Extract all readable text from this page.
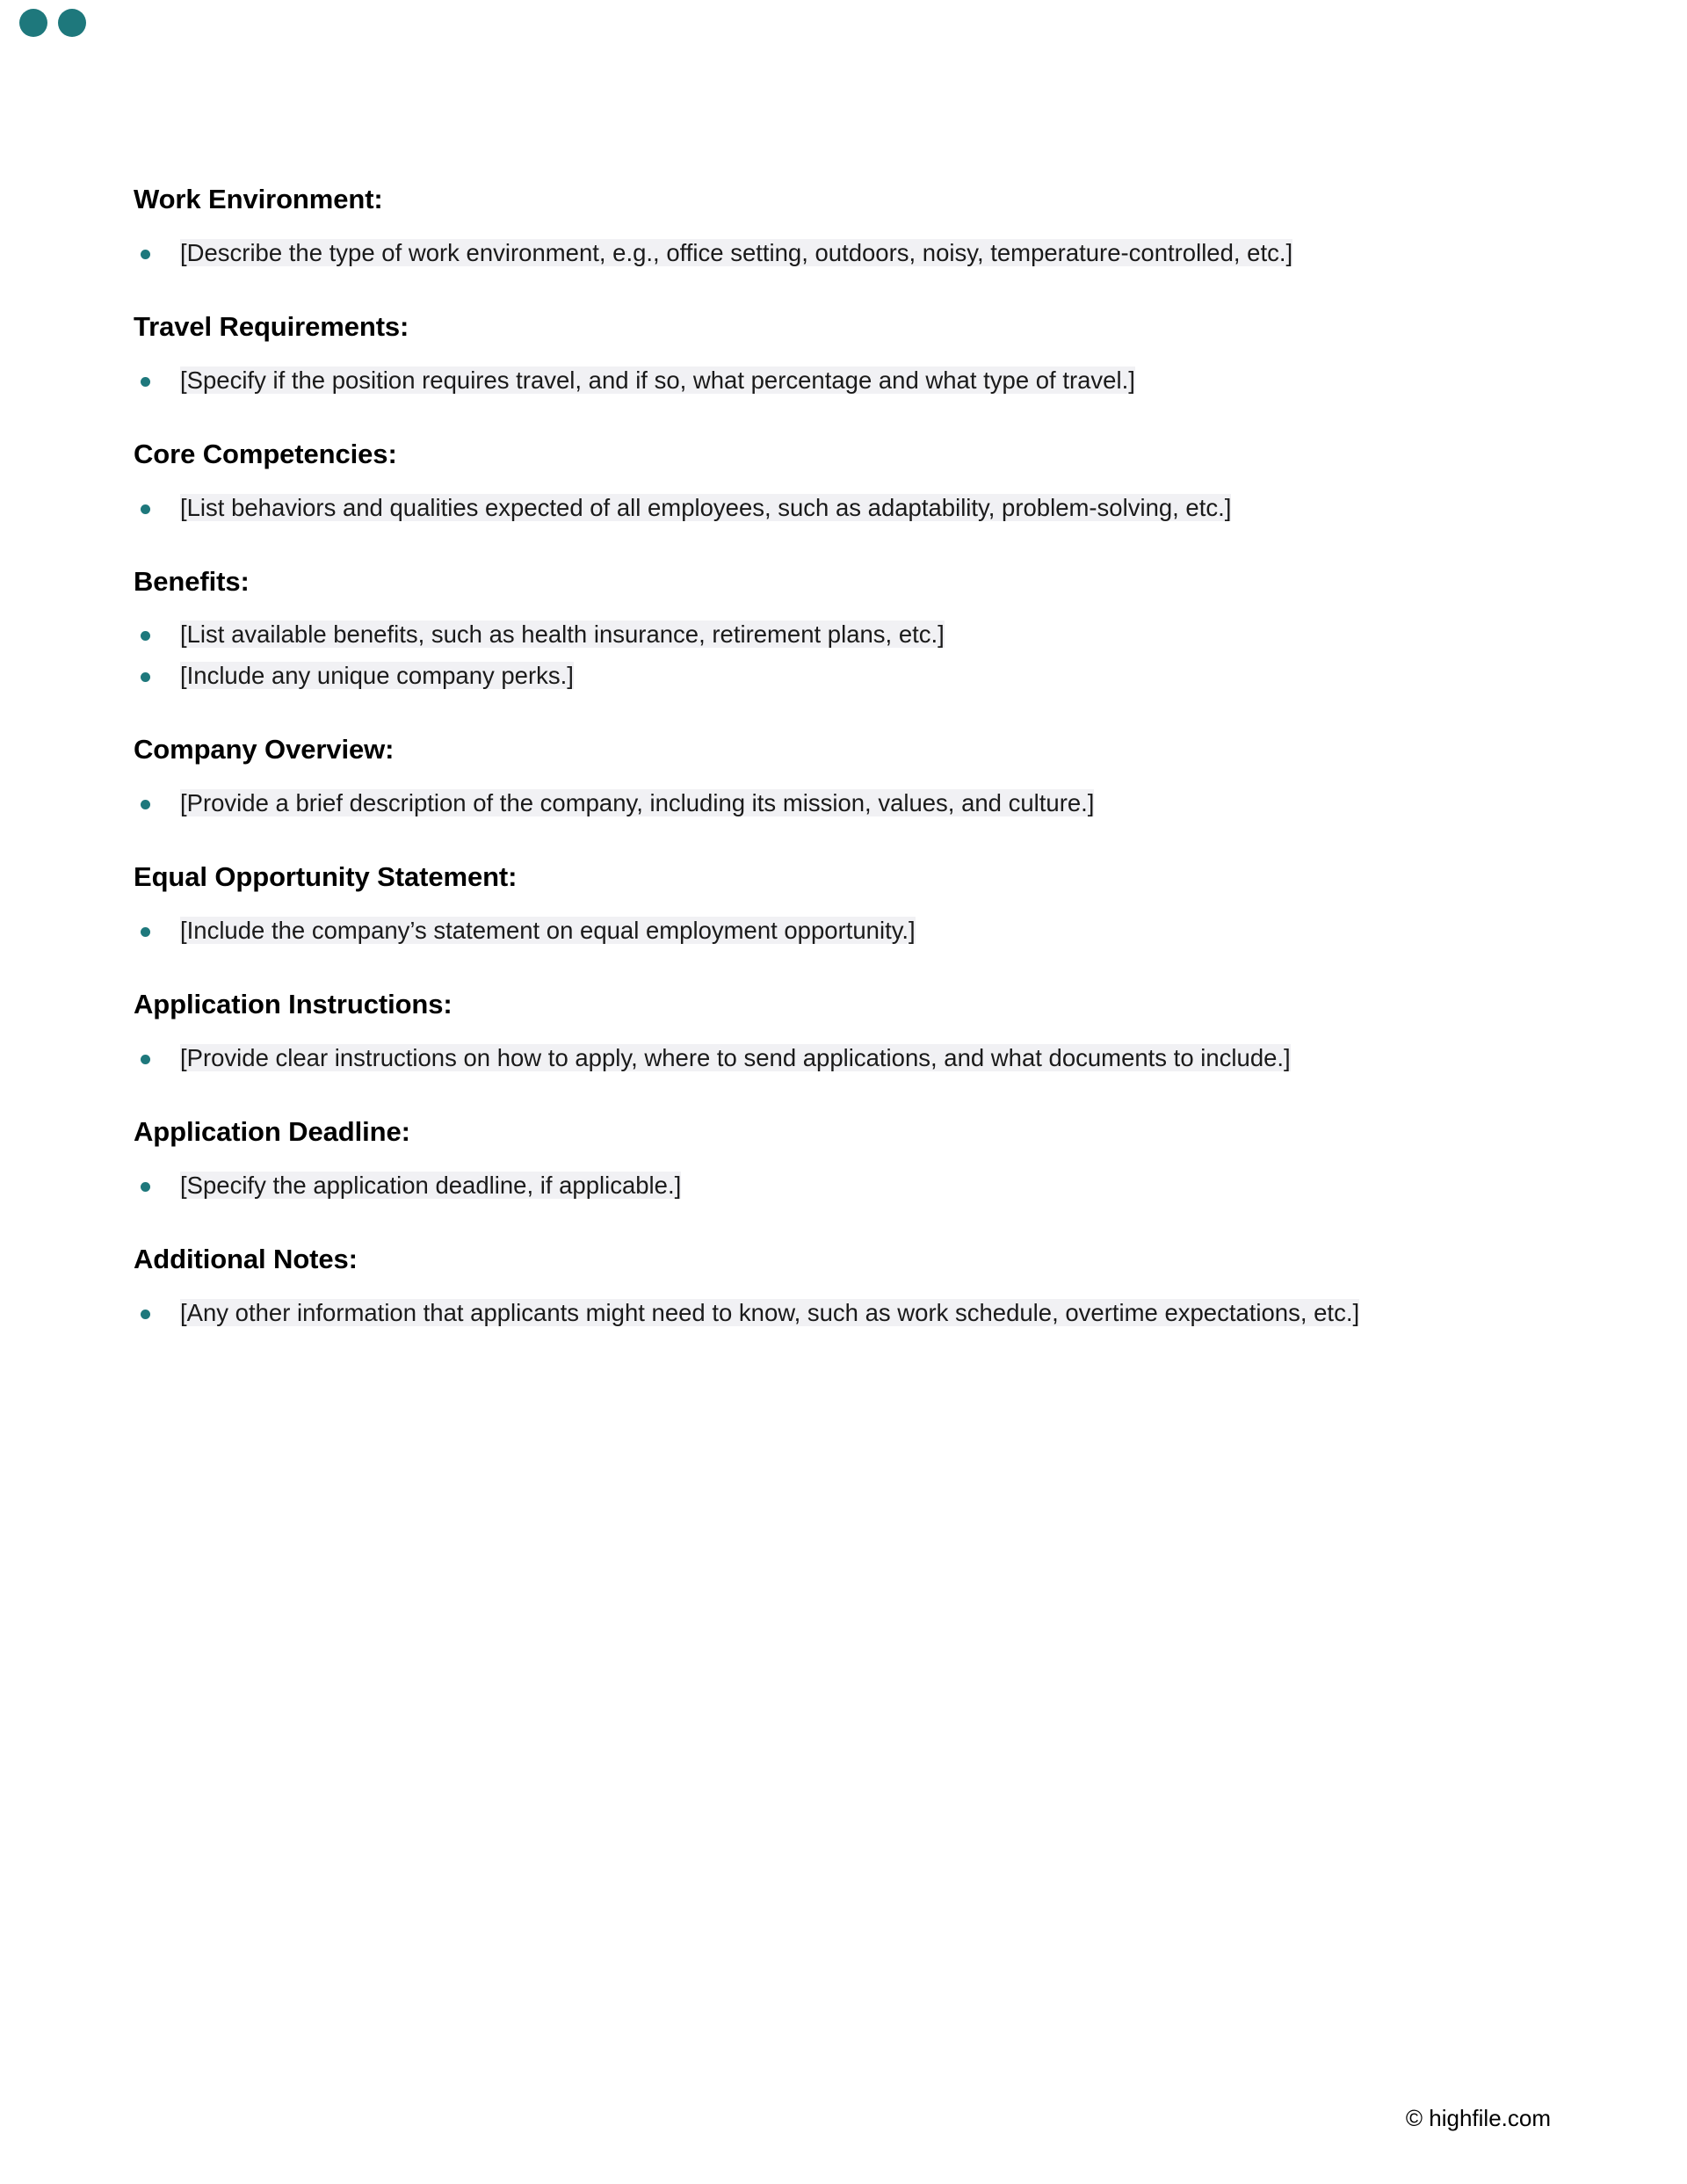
Work Environment:
[Describe the type of work environment, e.g., office setting, outdoors, noisy, temperature-controlled, etc.]
Travel Requirements:
[Specify if the position requires travel, and if so, what percentage and what type of travel.]
Core Competencies:
[List behaviors and qualities expected of all employees, such as adaptability, problem-solving, etc.]
Benefits:
[List available benefits, such as health insurance, retirement plans, etc.]
[Include any unique company perks.]
Company Overview:
[Provide a brief description of the company, including its mission, values, and culture.]
Equal Opportunity Statement:
[Include the company’s statement on equal employment opportunity.]
Application Instructions:
[Provide clear instructions on how to apply, where to send applications, and what documents to include.]
Application Deadline:
[Specify the application deadline, if applicable.]
Additional Notes:
[Any other information that applicants might need to know, such as work schedule, overtime expectations, etc.]
© highfile.com
